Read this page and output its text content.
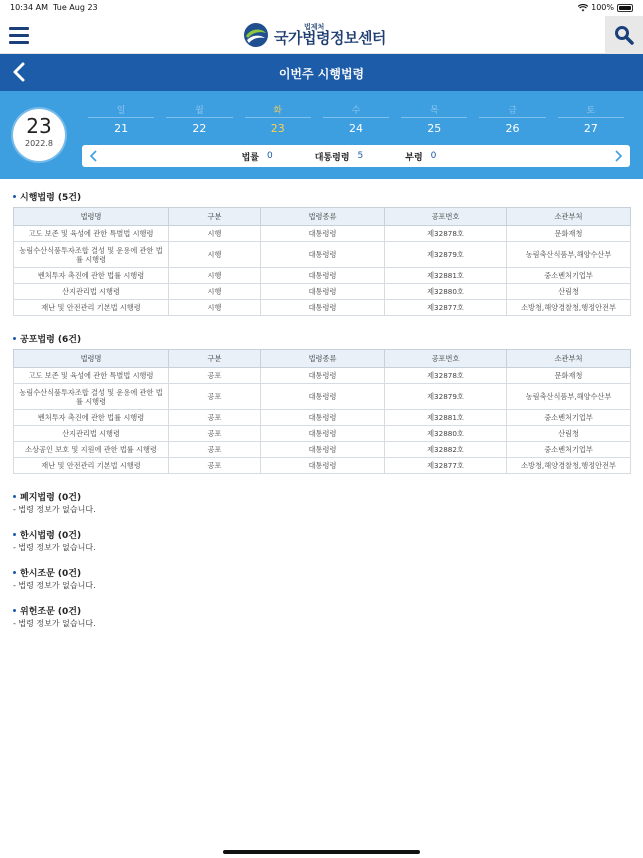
10:34 AM Tue Aug 23	100%
법제처
국가법령정보센터
이번주 시행법령
23
2022.8
일
21
월
22
화
23
수
24
목
25
금
26
토
27
법률 0	대통령령 5	부령 0
시행법령 (5건)
법령명	구분	법령종류	공포번호	소관부처
고도 보존 및 육성에 관한 특별법 시행령	시행	대통령령	제32878호	문화재청
농림수산식품투자조합 결성 및 운용에 관한 법률 시행령	시행	대통령령	제32879호	농림축산식품부,해양수산부
벤처투자 촉진에 관한 법률 시행령	시행	대통령령	제32881호	중소벤처기업부
산지관리법 시행령	시행	대통령령	제32880호	산림청
재난 및 안전관리 기본법 시행령	시행	대통령령	제32877호	소방청,해양경찰청,행정안전부
공포법령 (6건)
법령명	구분	법령종류	공포번호	소관부처
고도 보존 및 육성에 관한 특별법 시행령	공포	대통령령	제32878호	문화재청
농림수산식품투자조합 결성 및 운용에 관한 법률 시행령	공포	대통령령	제32879호	농림축산식품부,해양수산부
벤처투자 촉진에 관한 법률 시행령	공포	대통령령	제32881호	중소벤처기업부
산지관리법 시행령	공포	대통령령	제32880호	산림청
소상공인 보호 및 지원에 관한 법률 시행령	공포	대통령령	제32882호	중소벤처기업부
재난 및 안전관리 기본법 시행령	공포	대통령령	제32877호	소방청,해양경찰청,행정안전부
폐지법령 (0건)
- 법령 정보가 없습니다.
한시법령 (0건)
- 법령 정보가 없습니다.
한시조문 (0건)
- 법령 정보가 없습니다.
위헌조문 (0건)
- 법령 정보가 없습니다.
